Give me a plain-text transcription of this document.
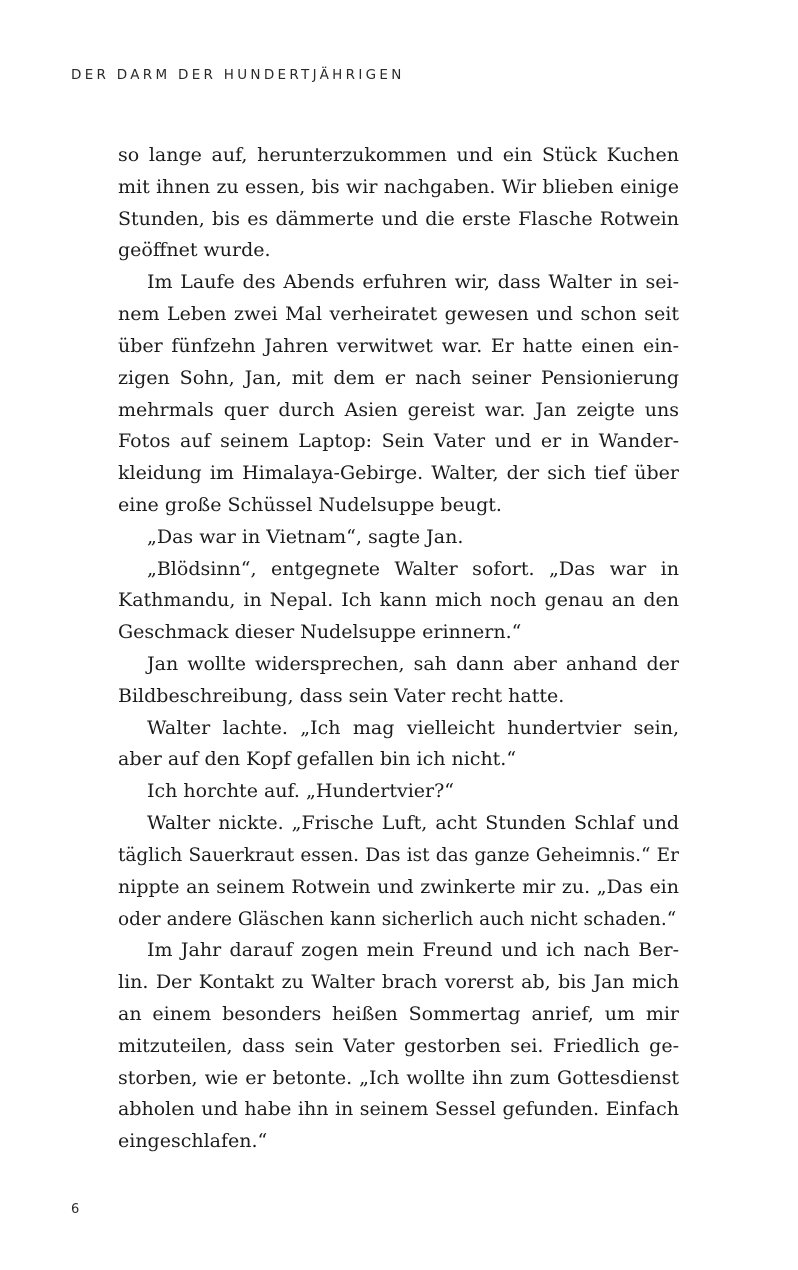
DER DARM DER HUNDERTJÄHRIGEN
so lange auf, herunterzukommen und ein Stück Kuchen
mit ihnen zu essen, bis wir nachgaben. Wir blieben einige
Stunden, bis es dämmerte und die erste Flasche Rotwein
geöffnet wurde.
Im Laufe des Abends erfuhren wir, dass Walter in sei-
nem Leben zwei Mal verheiratet gewesen und schon seit
über fünfzehn Jahren verwitwet war. Er hatte einen ein-
zigen Sohn, Jan, mit dem er nach seiner Pensionierung
mehrmals quer durch Asien gereist war. Jan zeigte uns
Fotos auf seinem Laptop: Sein Vater und er in Wander-
kleidung im Himalaya-Gebirge. Walter, der sich tief über
eine große Schüssel Nudelsuppe beugt.
„Das war in Vietnam“, sagte Jan.
„Blödsinn“, entgegnete Walter sofort. „Das war in
Kathmandu, in Nepal. Ich kann mich noch genau an den
Geschmack dieser Nudelsuppe erinnern.“
Jan wollte widersprechen, sah dann aber anhand der
Bildbeschreibung, dass sein Vater recht hatte.
Walter lachte. „Ich mag vielleicht hundertvier sein,
aber auf den Kopf gefallen bin ich nicht.“
Ich horchte auf. „Hundertvier?“
Walter nickte. „Frische Luft, acht Stunden Schlaf und
täglich Sauerkraut essen. Das ist das ganze Geheimnis.“ Er
nippte an seinem Rotwein und zwinkerte mir zu. „Das ein
oder andere Gläschen kann sicherlich auch nicht schaden.“
Im Jahr darauf zogen mein Freund und ich nach Ber-
lin. Der Kontakt zu Walter brach vorerst ab, bis Jan mich
an einem besonders heißen Sommertag anrief, um mir
mitzuteilen, dass sein Vater gestorben sei. Friedlich ge-
storben, wie er betonte. „Ich wollte ihn zum Gottesdienst
abholen und habe ihn in seinem Sessel gefunden. Einfach
eingeschlafen.“
6
